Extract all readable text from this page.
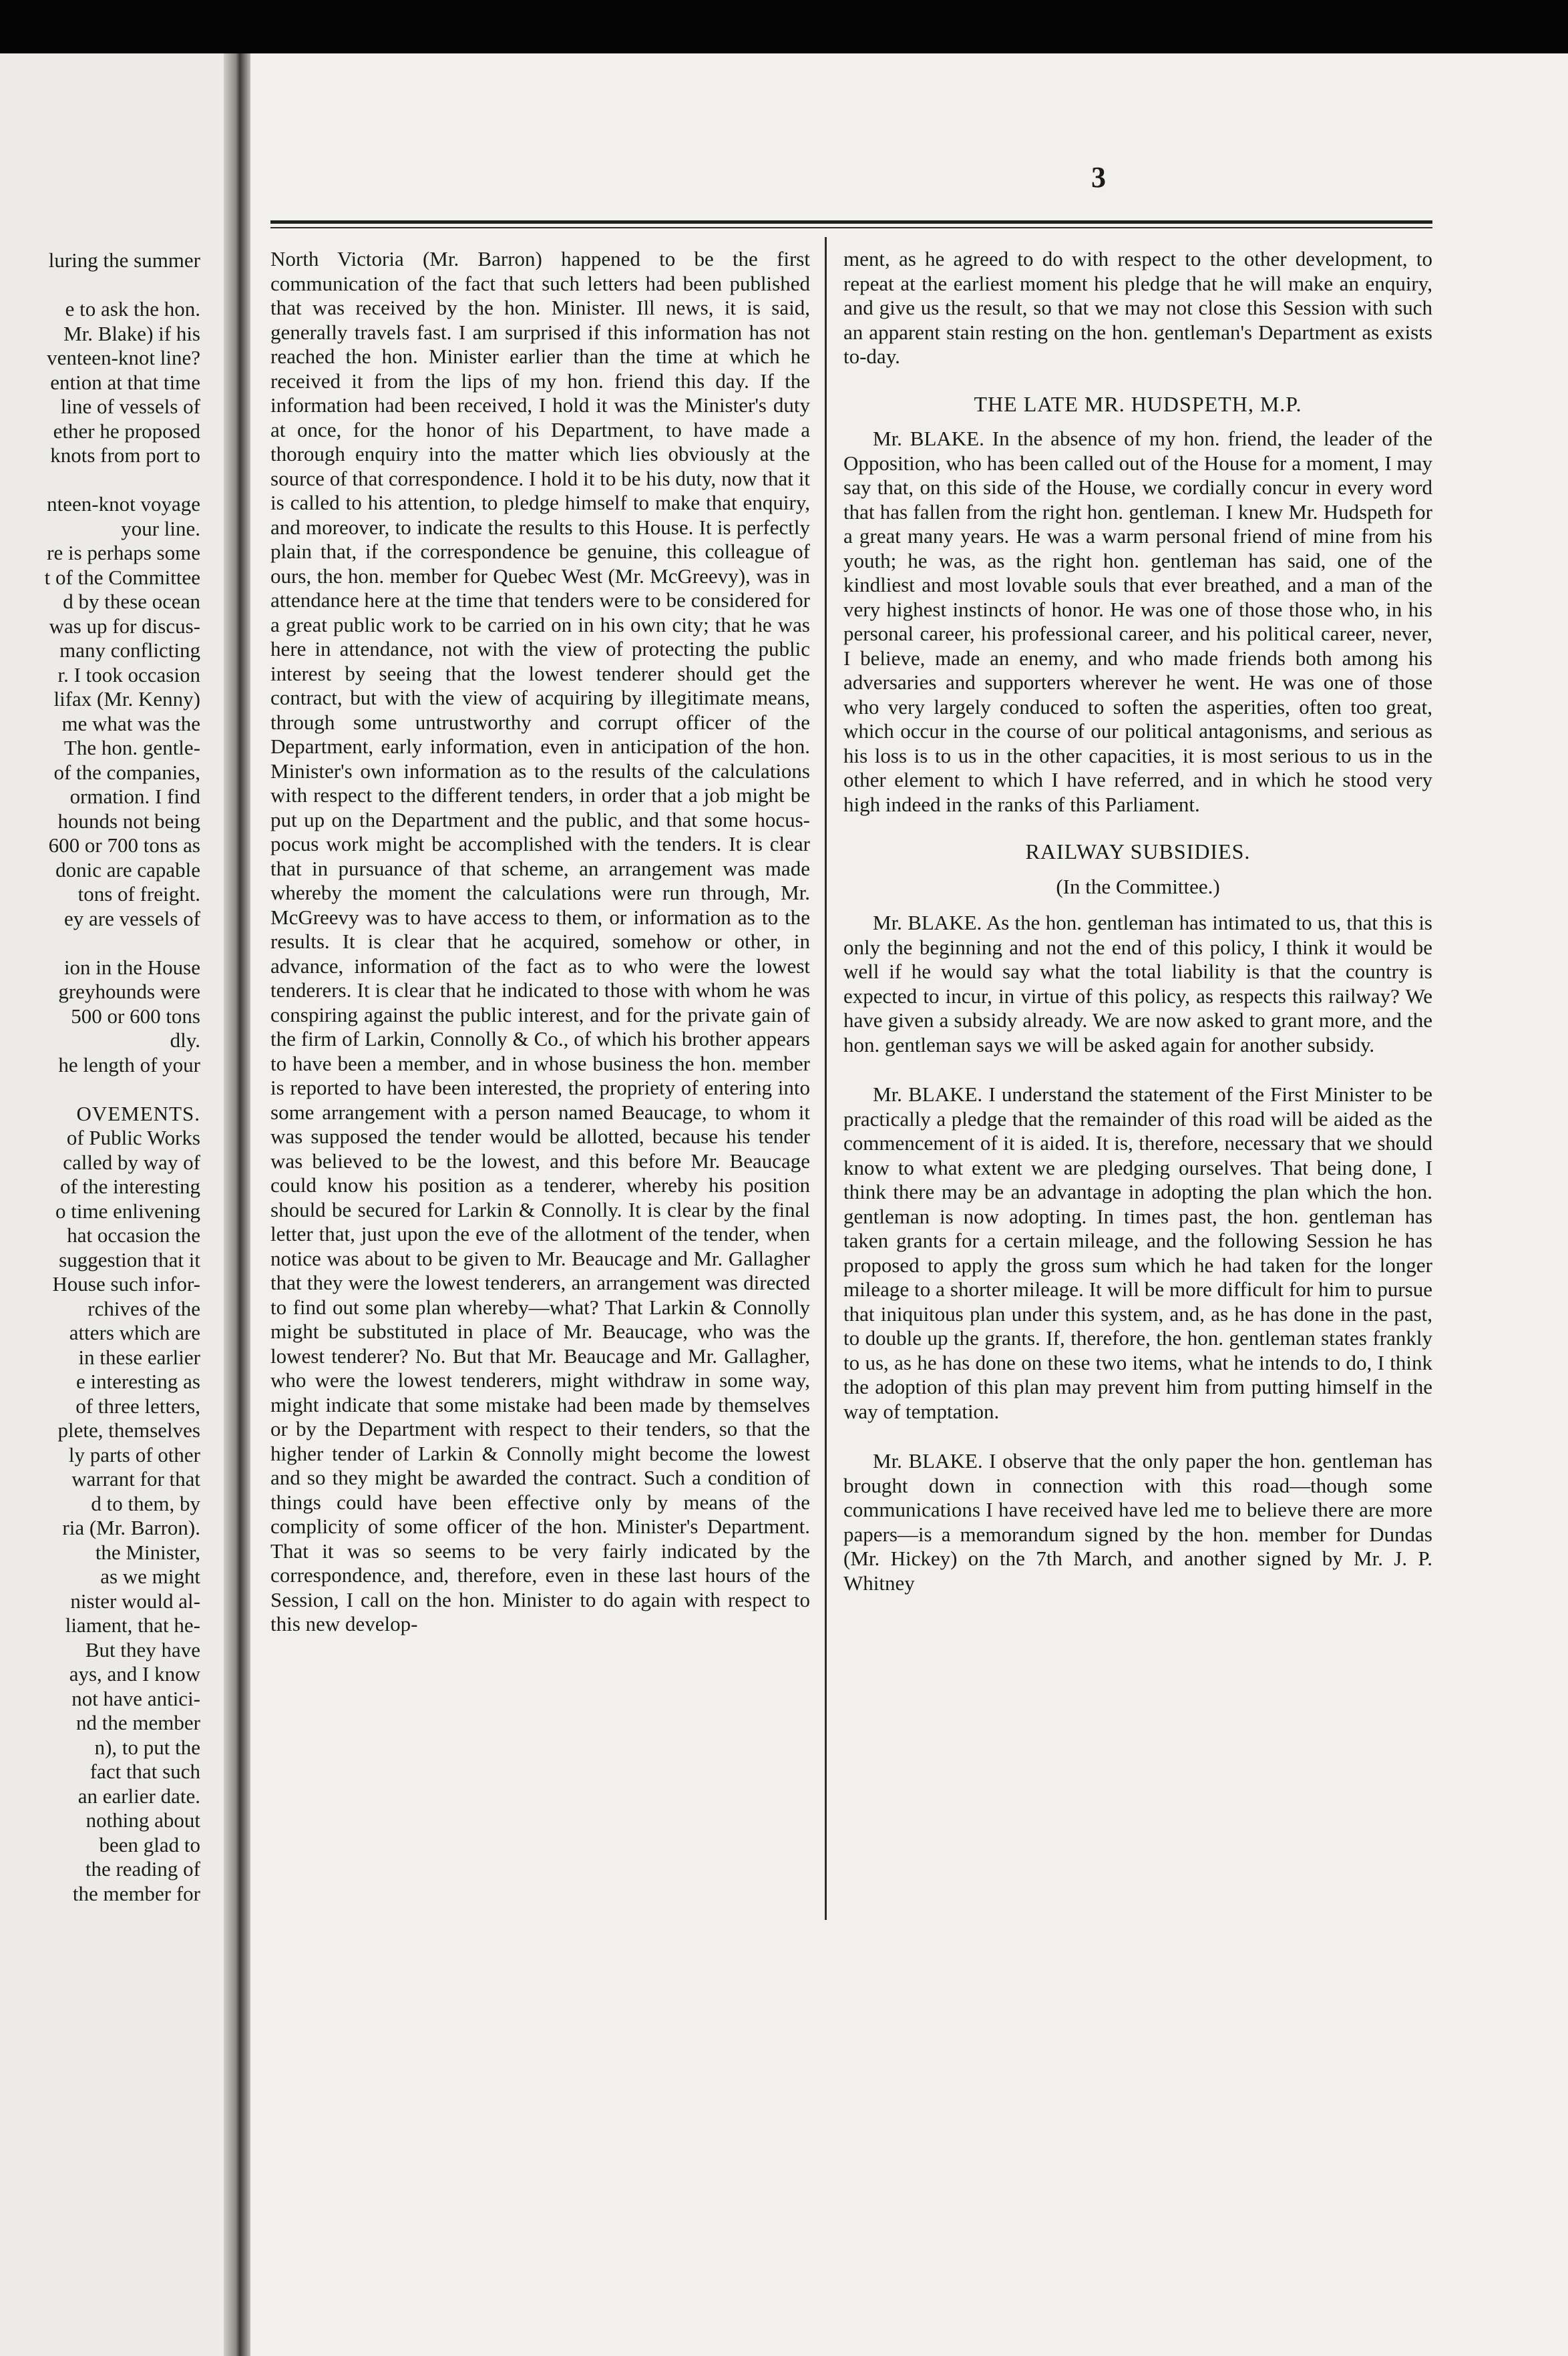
luring the summer
e to ask the hon.
Mr. Blake) if his
venteen-knot line?
ention at that time
line of vessels of
ether he proposed
knots from port to
nteen-knot voyage
your line.
re is perhaps some
t of the Committee
d by these ocean
was up for discus-
many conflicting
r. I took occasion
lifax (Mr. Kenny)
me what was the
The hon. gentle-
of the companies,
ormation. I find
hounds not being
600 or 700 tons as
donic are capable
tons of freight.
ey are vessels of
ion in the House
greyhounds were
500 or 600 tons
dly.
he length of your
OVEMENTS.
of Public Works
called by way of
of the interesting
o time enlivening
hat occasion the
suggestion that it
House such infor-
rchives of the
atters which are
in these earlier
e interesting as
of three letters,
plete, themselves
ly parts of other
warrant for that
d to them, by
ria (Mr. Barron).
the Minister,
as we might
nister would al-
liament, that he-
But they have
ays, and I know
not have antici-
nd the member
n), to put the
fact that such
an earlier date.
nothing about
been glad to
the reading of
the member for
3

North Victoria (Mr. Barron) happened to be the first communication of the fact that such letters had been published that was received by the hon. Minister. Ill news, it is said, generally travels fast. I am surprised if this information has not reached the hon. Minister earlier than the time at which he received it from the lips of my hon. friend this day. If the information had been received, I hold it was the Minister's duty at once, for the honor of his Department, to have made a thorough enquiry into the matter which lies obviously at the source of that correspondence. I hold it to be his duty, now that it is called to his attention, to pledge himself to make that enquiry, and moreover, to indicate the results to this House. It is perfectly plain that, if the correspondence be genuine, this colleague of ours, the hon. member for Quebec West (Mr. McGreevy), was in attendance here at the time that tenders were to be considered for a great public work to be carried on in his own city; that he was here in attendance, not with the view of protecting the public interest by seeing that the lowest tenderer should get the contract, but with the view of acquiring by illegitimate means, through some untrustworthy and corrupt officer of the Department, early information, even in anticipation of the hon. Minister's own information as to the results of the calculations with respect to the different tenders, in order that a job might be put up on the Department and the public, and that some hocus-pocus work might be accomplished with the tenders. It is clear that in pursuance of that scheme, an arrangement was made whereby the moment the calculations were run through, Mr. McGreevy was to have access to them, or information as to the results. It is clear that he acquired, somehow or other, in advance, information of the fact as to who were the lowest tenderers. It is clear that he indicated to those with whom he was conspiring against the public interest, and for the private gain of the firm of Larkin, Connolly & Co., of which his brother appears to have been a member, and in whose business the hon. member is reported to have been interested, the propriety of entering into some arrangement with a person named Beaucage, to whom it was supposed the tender would be allotted, because his tender was believed to be the lowest, and this before Mr. Beaucage could know his position as a tenderer, whereby his position should be secured for Larkin & Connolly. It is clear by the final letter that, just upon the eve of the allotment of the tender, when notice was about to be given to Mr. Beaucage and Mr. Gallagher that they were the lowest tenderers, an arrangement was directed to find out some plan whereby—what? That Larkin & Connolly might be substituted in place of Mr. Beaucage, who was the lowest tenderer? No. But that Mr. Beaucage and Mr. Gallagher, who were the lowest tenderers, might withdraw in some way, might indicate that some mistake had been made by themselves or by the Department with respect to their tenders, so that the higher tender of Larkin & Connolly might become the lowest and so they might be awarded the contract. Such a condition of things could have been effective only by means of the complicity of some officer of the hon. Minister's Department. That it was so seems to be very fairly indicated by the correspondence, and, therefore, even in these last hours of the Session, I call on the hon. Minister to do again with respect to this new develop-

ment, as he agreed to do with respect to the other development, to repeat at the earliest moment his pledge that he will make an enquiry, and give us the result, so that we may not close this Session with such an apparent stain resting on the hon. gentleman's Department as exists to-day.

THE LATE MR. HUDSPETH, M.P.

Mr. BLAKE. In the absence of my hon. friend, the leader of the Opposition, who has been called out of the House for a moment, I may say that, on this side of the House, we cordially concur in every word that has fallen from the right hon. gentleman. I knew Mr. Hudspeth for a great many years. He was a warm personal friend of mine from his youth; he was, as the right hon. gentleman has said, one of the kindliest and most lovable souls that ever breathed, and a man of the very highest instincts of honor. He was one of those those who, in his personal career, his professional career, and his political career, never, I believe, made an enemy, and who made friends both among his adversaries and supporters wherever he went. He was one of those who very largely conduced to soften the asperities, often too great, which occur in the course of our political antagonisms, and serious as his loss is to us in the other capacities, it is most serious to us in the other element to which I have referred, and in which he stood very high indeed in the ranks of this Parliament.

RAILWAY SUBSIDIES.
(In the Committee.)

Mr. BLAKE. As the hon. gentleman has intimated to us, that this is only the beginning and not the end of this policy, I think it would be well if he would say what the total liability is that the country is expected to incur, in virtue of this policy, as respects this railway? We have given a subsidy already. We are now asked to grant more, and the hon. gentleman says we will be asked again for another subsidy.

Mr. BLAKE. I understand the statement of the First Minister to be practically a pledge that the remainder of this road will be aided as the commencement of it is aided. It is, therefore, necessary that we should know to what extent we are pledging ourselves. That being done, I think there may be an advantage in adopting the plan which the hon. gentleman is now adopting. In times past, the hon. gentleman has taken grants for a certain mileage, and the following Session he has proposed to apply the gross sum which he had taken for the longer mileage to a shorter mileage. It will be more difficult for him to pursue that iniquitous plan under this system, and, as he has done in the past, to double up the grants. If, therefore, the hon. gentleman states frankly to us, as he has done on these two items, what he intends to do, I think the adoption of this plan may prevent him from putting himself in the way of temptation.

Mr. BLAKE. I observe that the only paper the hon. gentleman has brought down in connection with this road—though some communications I have received have led me to believe there are more papers—is a memorandum signed by the hon. member for Dundas (Mr. Hickey) on the 7th March, and another signed by Mr. J. P. Whitney
